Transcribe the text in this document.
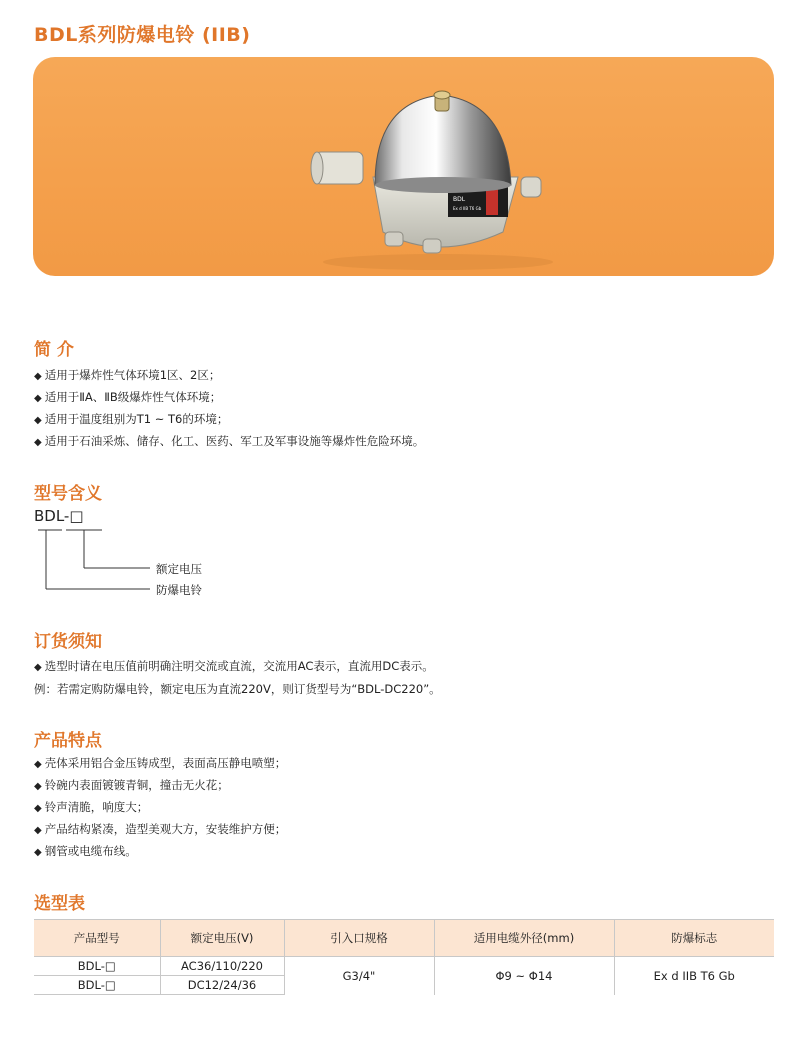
BDL系列防爆电铃 (IIB)
BDL
Ex d IIB T6 Gb
简 介
◆ 适用于爆炸性气体环境1区、2区；
◆ 适用于ⅡA、ⅡB级爆炸性气体环境；
◆ 适用于温度组别为T1 ~ T6的环境；
◆ 适用于石油采炼、储存、化工、医药、军工及军事设施等爆炸性危险环境。
型号含义
BDL-□
额定电压
防爆电铃
订货须知
◆ 选型时请在电压值前明确注明交流或直流，交流用AC表示，直流用DC表示。
例：若需定购防爆电铃，额定电压为直流220V，则订货型号为“BDL-DC220”。
产品特点
◆ 壳体采用铝合金压铸成型，表面高压静电喷塑；
◆ 铃碗内表面镀镀青铜，撞击无火花；
◆ 铃声清脆，响度大；
◆ 产品结构紧凑，造型美观大方，安装维护方便；
◆ 钢管或电缆布线。
选型表
产品型号	额定电压(V)	引入口规格	适用电缆外径(mm)	防爆标志
BDL-□	AC36/110/220	G3/4"	Φ9 ~ Φ14	Ex d IIB T6 Gb
BDL-□	DC12/24/36			
